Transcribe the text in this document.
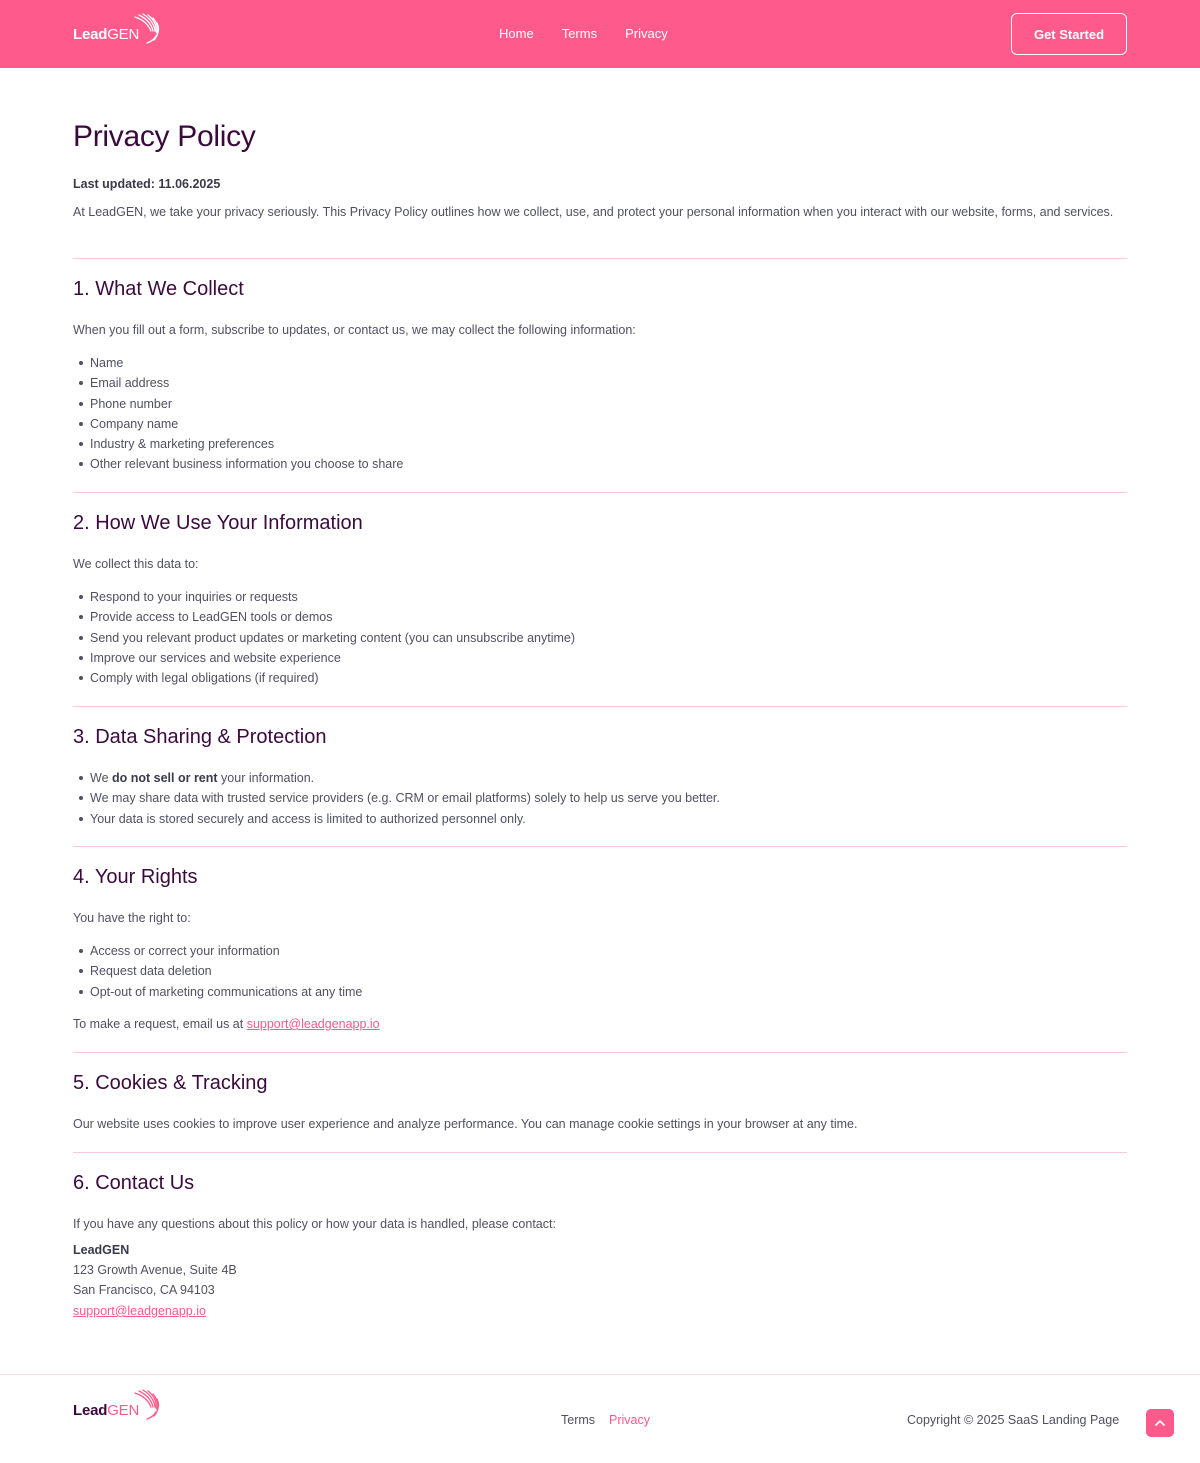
LeadGEN	Home Terms Privacy	Get Started
Privacy Policy
Last updated: 11.06.2025
At LeadGEN, we take your privacy seriously. This Privacy Policy outlines how we collect, use, and protect your personal information when you interact with our website, forms, and services.
1. What We Collect
When you fill out a form, subscribe to updates, or contact us, we may collect the following information:
Name
Email address
Phone number
Company name
Industry & marketing preferences
Other relevant business information you choose to share
2. How We Use Your Information
We collect this data to:
Respond to your inquiries or requests
Provide access to LeadGEN tools or demos
Send you relevant product updates or marketing content (you can unsubscribe anytime)
Improve our services and website experience
Comply with legal obligations (if required)
3. Data Sharing & Protection
We do not sell or rent your information.
We may share data with trusted service providers (e.g. CRM or email platforms) solely to help us serve you better.
Your data is stored securely and access is limited to authorized personnel only.
4. Your Rights
You have the right to:
Access or correct your information
Request data deletion
Opt-out of marketing communications at any time
To make a request, email us at support@leadgenapp.io
5. Cookies & Tracking
Our website uses cookies to improve user experience and analyze performance. You can manage cookie settings in your browser at any time.
6. Contact Us
If you have any questions about this policy or how your data is handled, please contact:
LeadGEN
123 Growth Avenue, Suite 4B
San Francisco, CA 94103
support@leadgenapp.io
LeadGEN
Terms Privacy	Copyright © 2025 SaaS Landing Page
